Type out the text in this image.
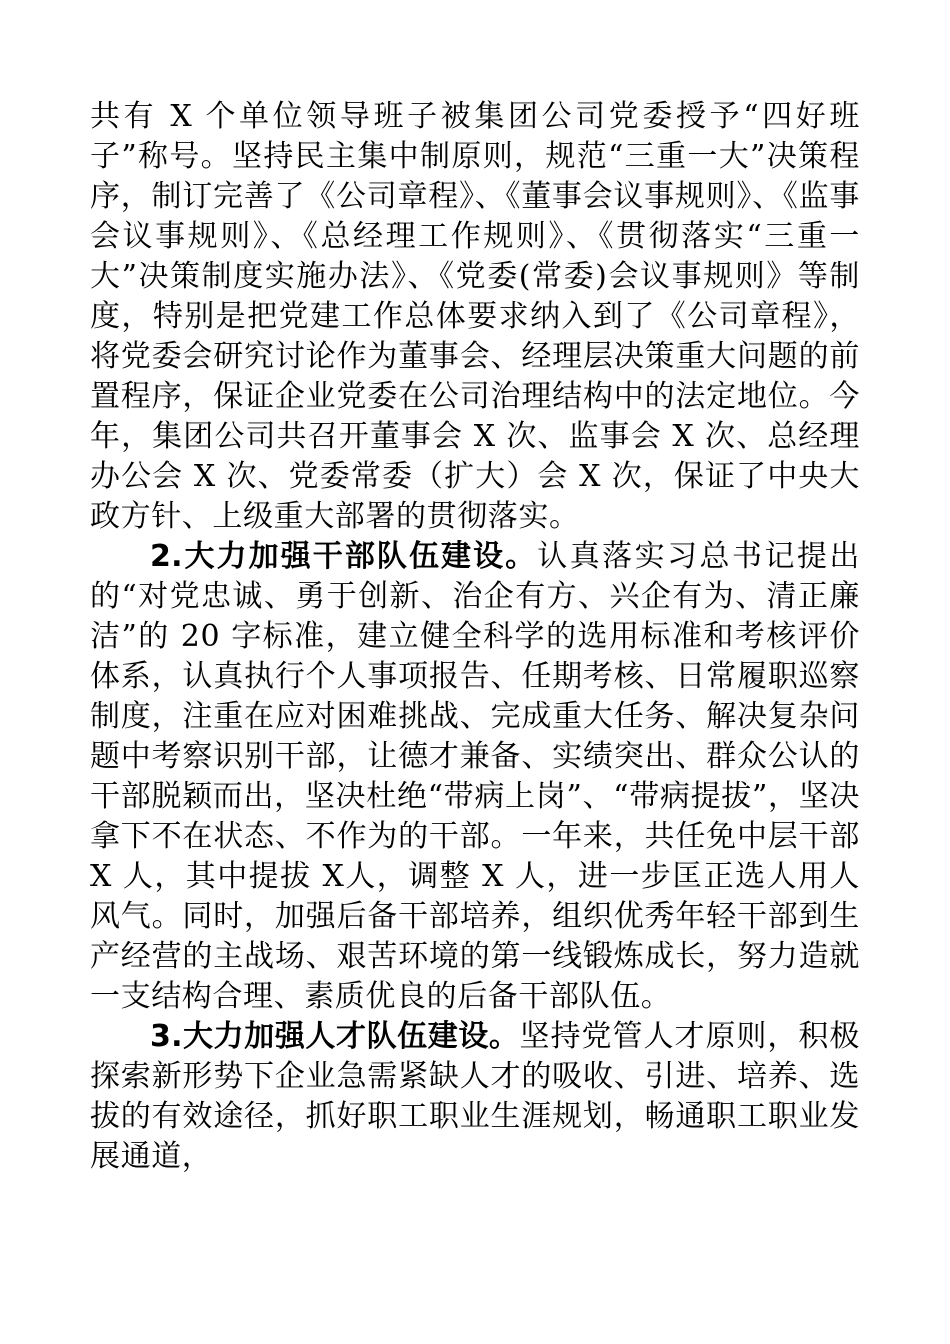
共有 X 个单位领导班子被集团公司党委授予“四好班子”称号。坚持民主集中制原则，规范“三重一大”决策程序，制订完善了《公司章程》、《董事会议事规则》、《监事会议事规则》、《总经理工作规则》、《贯彻落实“三重一大”决策制度实施办法》、《党委(常委)会议事规则》等制度，特别是把党建工作总体要求纳入到了《公司章程》，将党委会研究讨论作为董事会、经理层决策重大问题的前置程序，保证企业党委在公司治理结构中的法定地位。今年，集团公司共召开董事会 X 次、监事会 X 次、总经理办公会 X 次、党委常委（扩大）会 X 次，保证了中央大政方针、上级重大部署的贯彻落实。

2.大力加强干部队伍建设。认真落实习总书记提出的“对党忠诚、勇于创新、治企有方、兴企有为、清正廉洁”的 20 字标准，建立健全科学的选用标准和考核评价体系，认真执行个人事项报告、任期考核、日常履职巡察制度，注重在应对困难挑战、完成重大任务、解决复杂问题中考察识别干部，让德才兼备、实绩突出、群众公认的干部脱颖而出，坚决杜绝“带病上岗”、“带病提拔”，坚决拿下不在状态、不作为的干部。一年来，共任免中层干部 X 人，其中提拔 X人，调整 X 人，进一步匡正选人用人风气。同时，加强后备干部培养，组织优秀年轻干部到生产经营的主战场、艰苦环境的第一线锻炼成长，努力造就一支结构合理、素质优良的后备干部队伍。

3.大力加强人才队伍建设。坚持党管人才原则，积极探索新形势下企业急需紧缺人才的吸收、引进、培养、选拔的有效途径，抓好职工职业生涯规划，畅通职工职业发展通道，
